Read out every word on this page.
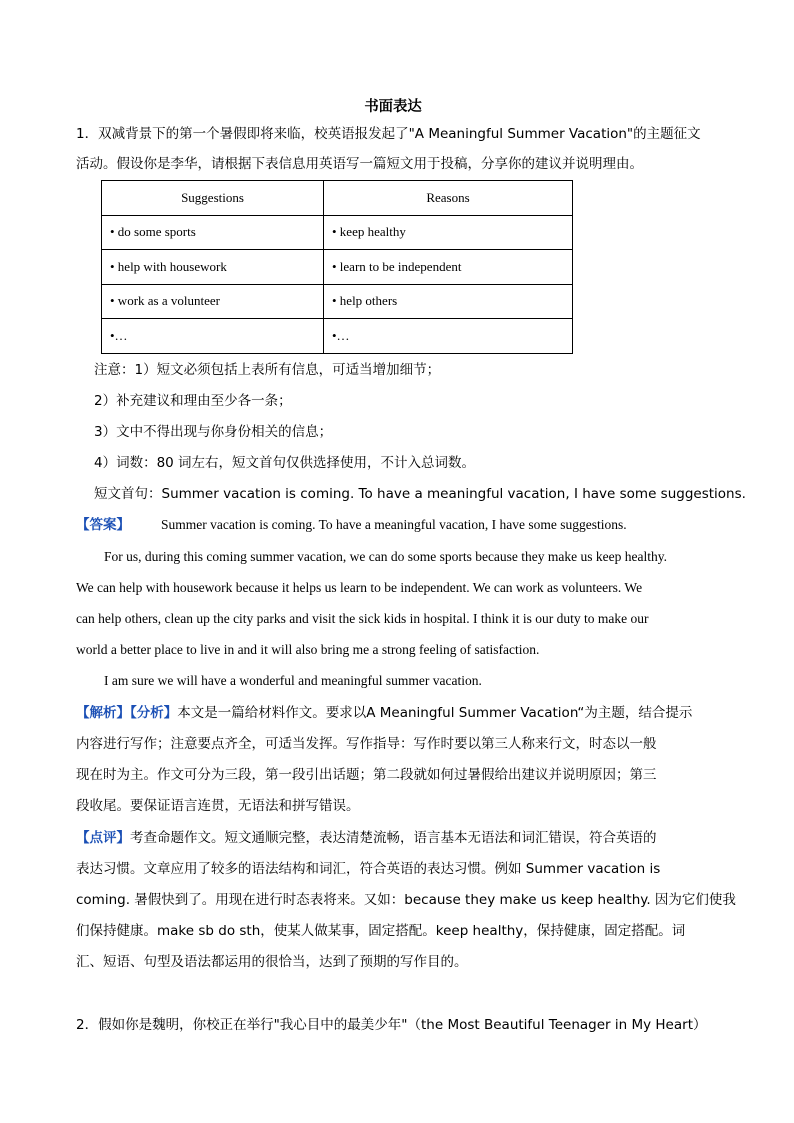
书面表达
1．双减背景下的第一个暑假即将来临，校英语报发起了"A Meaningful Summer Vacation"的主题征文
活动。假设你是李华，请根据下表信息用英语写一篇短文用于投稿，分享你的建议并说明理由。
Suggestions	Reasons
• do some sports	• keep healthy
• help with housework	• learn to be independent
• work as a volunteer	• help others
•…	•…
注意：1）短文必须包括上表所有信息，可适当增加细节；
2）补充建议和理由至少各一条；
3）文中不得出现与你身份相关的信息；
4）词数：80 词左右，短文首句仅供选择使用，不计入总词数。
短文首句：Summer vacation is coming. To have a meaningful vacation, I have some suggestions.
【答案】 Summer vacation is coming. To have a meaningful vacation, I have some suggestions.
For us, during this coming summer vacation, we can do some sports because they make us keep healthy.
We can help with housework because it helps us learn to be independent. We can work as volunteers. We
can help others, clean up the city parks and visit the sick kids in hospital. I think it is our duty to make our
world a better place to live in and it will also bring me a strong feeling of satisfaction.
I am sure we will have a wonderful and meaningful summer vacation.
【解析】【分析】本文是一篇给材料作文。要求以A Meaningful Summer Vacation“为主题，结合提示
内容进行写作；注意要点齐全，可适当发挥。写作指导：写作时要以第三人称来行文，时态以一般
现在时为主。作文可分为三段，第一段引出话题；第二段就如何过暑假给出建议并说明原因；第三
段收尾。要保证语言连贯，无语法和拼写错误。
【点评】考查命题作文。短文通顺完整，表达清楚流畅，语言基本无语法和词汇错误，符合英语的
表达习惯。文章应用了较多的语法结构和词汇，符合英语的表达习惯。例如 Summer vacation is
coming. 暑假快到了。用现在进行时态表将来。又如：because they make us keep healthy. 因为它们使我
们保持健康。make sb do sth，使某人做某事，固定搭配。keep healthy，保持健康，固定搭配。词
汇、短语、句型及语法都运用的很恰当，达到了预期的写作目的。
2．假如你是魏明，你校正在举行"我心目中的最美少年"（the Most Beautiful Teenager in My Heart）
